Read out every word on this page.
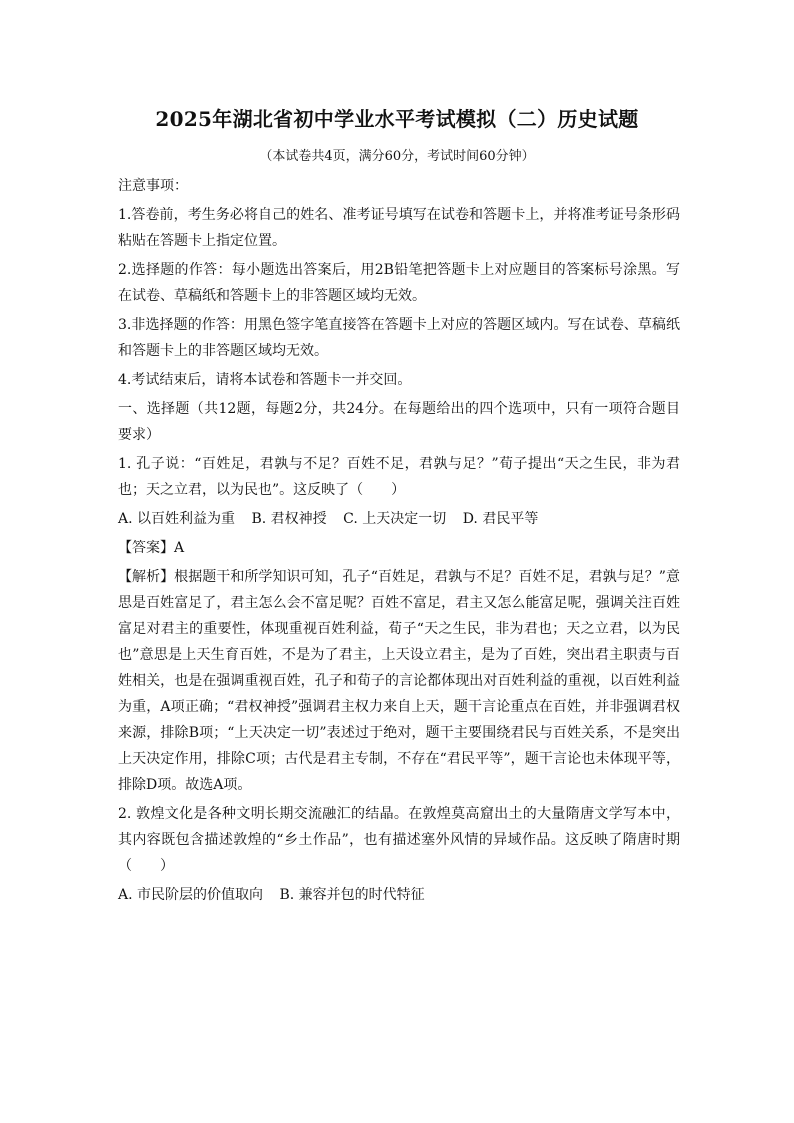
2025年湖北省初中学业水平考试模拟（二）历史试题
（本试卷共4页，满分60分，考试时间60分钟）

注意事项：

1.答卷前，考生务必将自己的姓名、准考证号填写在试卷和答题卡上，并将准考证号条形码粘贴在答题卡上指定位置。

2.选择题的作答：每小题选出答案后，用2B铅笔把答题卡上对应题目的答案标号涂黑。写在试卷、草稿纸和答题卡上的非答题区域均无效。

3.非选择题的作答：用黑色签字笔直接答在答题卡上对应的答题区域内。写在试卷、草稿纸和答题卡上的非答题区域均无效。

4.考试结束后，请将本试卷和答题卡一并交回。

一、选择题（共12题，每题2分，共24分。在每题给出的四个选项中，只有一项符合题目要求）

1. 孔子说：“百姓足，君孰与不足？百姓不足，君孰与足？”荀子提出“天之生民，非为君也；天之立君，以为民也”。这反映了（　　）

A. 以百姓利益为重 B. 君权神授 C. 上天决定一切 D. 君民平等

【答案】A

【解析】根据题干和所学知识可知，孔子“百姓足，君孰与不足？百姓不足，君孰与足？”意思是百姓富足了，君主怎么会不富足呢？百姓不富足，君主又怎么能富足呢，强调关注百姓富足对君主的重要性，体现重视百姓利益，荀子“天之生民，非为君也；天之立君，以为民也”意思是上天生育百姓，不是为了君主，上天设立君主，是为了百姓，突出君主职责与百姓相关，也是在强调重视百姓，孔子和荀子的言论都体现出对百姓利益的重视，以百姓利益为重，A项正确；“君权神授”强调君主权力来自上天，题干言论重点在百姓，并非强调君权来源，排除B项；“上天决定一切”表述过于绝对，题干主要围绕君民与百姓关系，不是突出上天决定作用，排除C项；古代是君主专制，不存在“君民平等”，题干言论也未体现平等，排除D项。故选A项。

2. 敦煌文化是各种文明长期交流融汇的结晶。在敦煌莫高窟出土的大量隋唐文学写本中，其内容既包含描述敦煌的“乡土作品”，也有描述塞外风情的异域作品。这反映了隋唐时期（　　）

A. 市民阶层的价值取向 B. 兼容并包的时代特征
